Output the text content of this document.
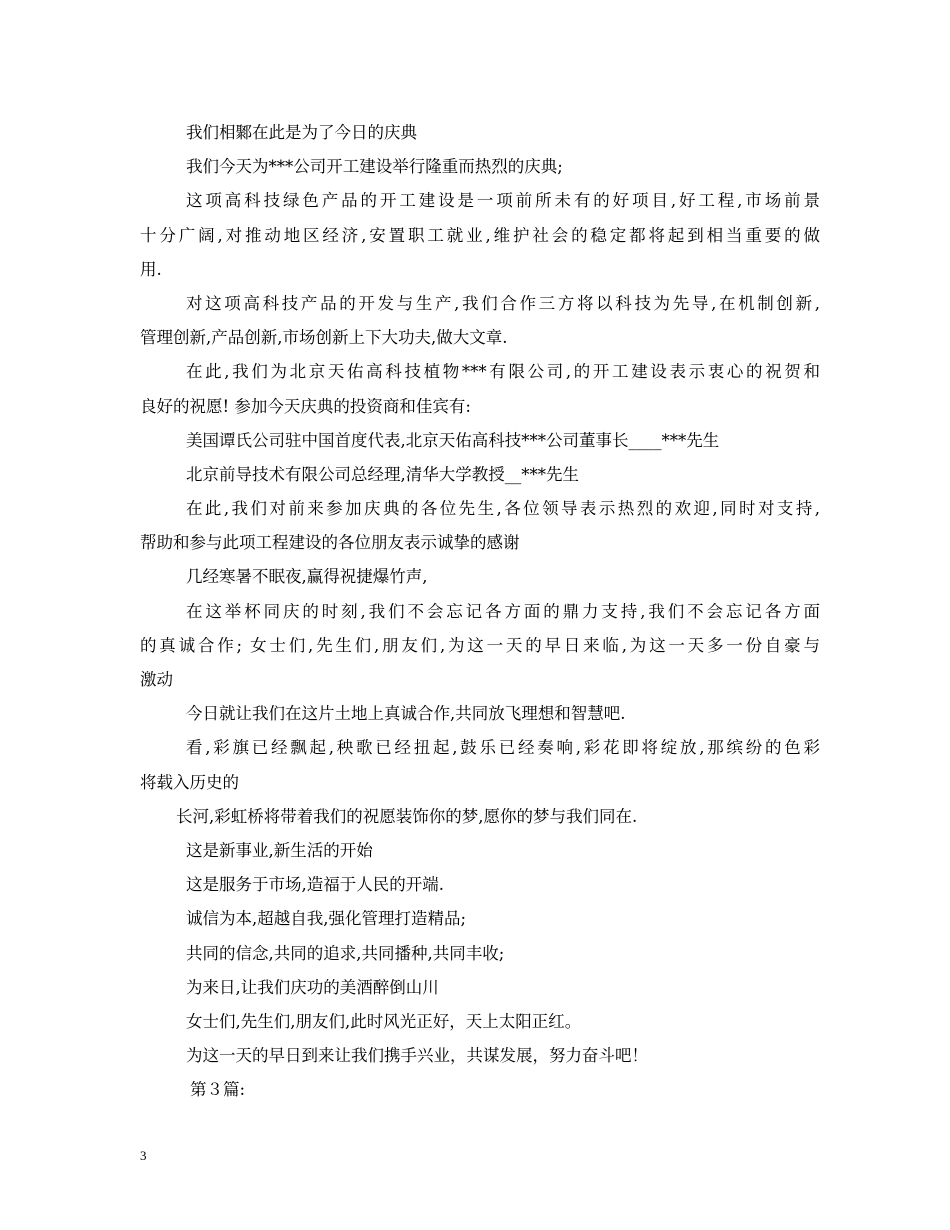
我们相鄹在此是为了今日的庆典
我们今天为***公司开工建设举行隆重而热烈的庆典;
这项高科技绿色产品的开工建设是一项前所未有的好项目,好工程,市场前景
十分广阔,对推动地区经济,安置职工就业,维护社会的稳定都将起到相当重要的做
用.
对这项高科技产品的开发与生产,我们合作三方将以科技为先导,在机制创新,
管理创新,产品创新,市场创新上下大功夫,做大文章.
在此,我们为北京天佑高科技植物***有限公司,的开工建设表示衷心的祝贺和
良好的祝愿! 参加今天庆典的投资商和佳宾有:
美国谭氏公司驻中国首度代表,北京天佑高科技***公司董事长____***先生
北京前导技术有限公司总经理,清华大学教授__***先生
在此,我们对前来参加庆典的各位先生,各位领导表示热烈的欢迎,同时对支持,
帮助和参与此项工程建设的各位朋友表示诚挚的感谢
几经寒暑不眠夜,赢得祝捷爆竹声,
在这举杯同庆的时刻,我们不会忘记各方面的鼎力支持,我们不会忘记各方面
的真诚合作; 女士们,先生们,朋友们,为这一天的早日来临,为这一天多一份自豪与
激动
今日就让我们在这片土地上真诚合作,共同放飞理想和智慧吧.
看,彩旗已经飘起,秧歌已经扭起,鼓乐已经奏响,彩花即将绽放,那缤纷的色彩
将载入历史的
长河,彩虹桥将带着我们的祝愿装饰你的梦,愿你的梦与我们同在.
这是新事业,新生活的开始
这是服务于市场,造福于人民的开端.
诚信为本,超越自我,强化管理打造精品;
共同的信念,共同的追求,共同播种,共同丰收;
为来日,让我们庆功的美酒醉倒山川
女士们,先生们,朋友们,此时风光正好，天上太阳正红。
为这一天的早日到来让我们携手兴业，共谋发展，努力奋斗吧！
第３篇:
3
